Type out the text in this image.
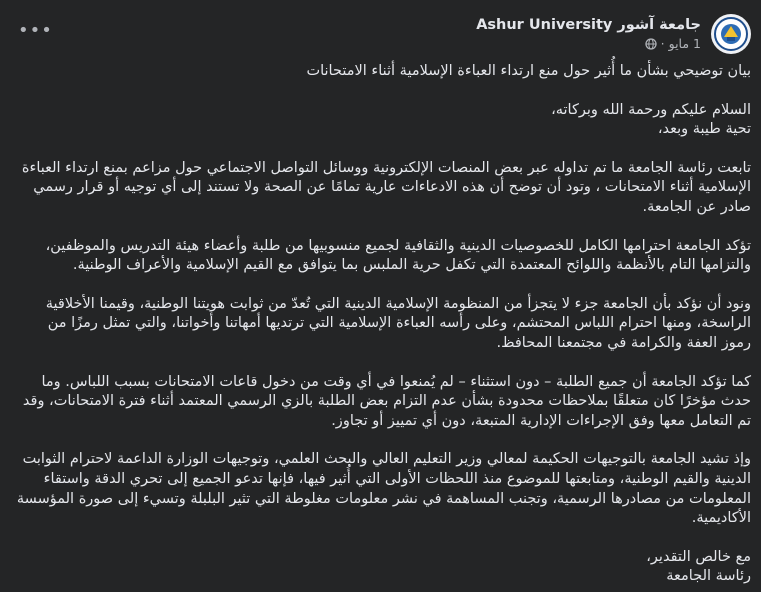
جامعة آشور Ashur University
1 مايو
·
•••

بيان توضيحي بشأن ما أُثير حول منع ارتداء العباءة الإسلامية أثناء الامتحانات

السلام عليكم ورحمة الله وبركاته،

تحية طيبة وبعد،

تابعت رئاسة الجامعة ما تم تداوله عبر بعض المنصات الإلكترونية ووسائل التواصل الاجتماعي حول مزاعم بمنع ارتداء العباءة الإسلامية أثناء الامتحانات ، وتود أن توضح أن هذه الادعاءات عارية تمامًا عن الصحة ولا تستند إلى أي توجيه أو قرار رسمي صادر عن الجامعة.

تؤكد الجامعة احترامها الكامل للخصوصيات الدينية والثقافية لجميع منسوبيها من طلبة وأعضاء هيئة التدريس والموظفين، والتزامها التام بالأنظمة واللوائح المعتمدة التي تكفل حرية الملبس بما يتوافق مع القيم الإسلامية والأعراف الوطنية.

ونود أن نؤكد بأن الجامعة جزء لا يتجزأ من المنظومة الإسلامية الدينية التي تُعدّ من ثوابت هويتنا الوطنية، وقيمنا الأخلاقية الراسخة، ومنها احترام اللباس المحتشم، وعلى رأسه العباءة الإسلامية التي ترتديها أمهاتنا وأخواتنا، والتي تمثل رمزًا من رموز العفة والكرامة في مجتمعنا المحافظ.

كما تؤكد الجامعة أن جميع الطلبة – دون استثناء – لم يُمنعوا في أي وقت من دخول قاعات الامتحانات بسبب اللباس. وما حدث مؤخرًا كان متعلقًا بملاحظات محدودة بشأن عدم التزام بعض الطلبة بالزي الرسمي المعتمد أثناء فترة الامتحانات، وقد تم التعامل معها وفق الإجراءات الإدارية المتبعة، دون أي تمييز أو تجاوز.

وإذ تشيد الجامعة بالتوجيهات الحكيمة لمعالي وزير التعليم العالي والبحث العلمي، وتوجيهات الوزارة الداعمة لاحترام الثوابت الدينية والقيم الوطنية، ومتابعتها للموضوع منذ اللحظات الأولى التي أُثير فيها، فإنها تدعو الجميع إلى تحري الدقة واستقاء المعلومات من مصادرها الرسمية، وتجنب المساهمة في نشر معلومات مغلوطة التي تثير البلبلة وتسيء إلى صورة المؤسسة الأكاديمية.

مع خالص التقدير،

رئاسة الجامعة
